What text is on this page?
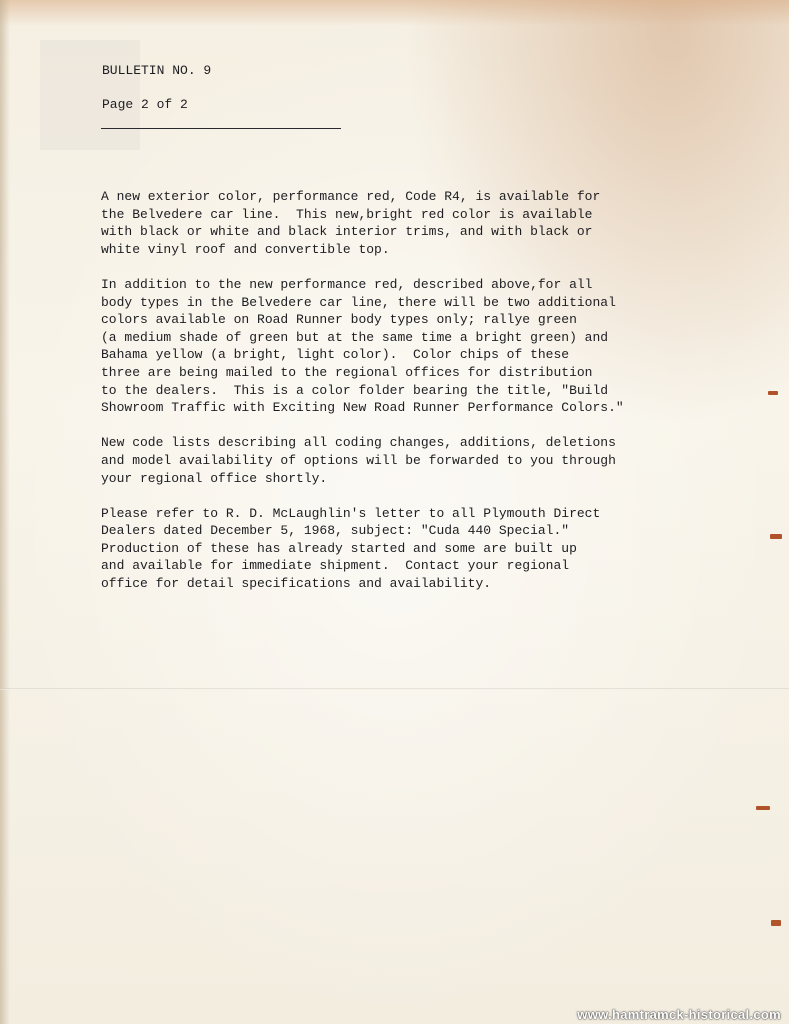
BULLETIN NO. 9
Page 2 of 2
A new exterior color, performance red, Code R4, is available for
the Belvedere car line.  This new,bright red color is available
with black or white and black interior trims, and with black or
white vinyl roof and convertible top.
In addition to the new performance red, described above,for all
body types in the Belvedere car line, there will be two additional
colors available on Road Runner body types only; rallye green
(a medium shade of green but at the same time a bright green) and
Bahama yellow (a bright, light color).  Color chips of these
three are being mailed to the regional offices for distribution
to the dealers.  This is a color folder bearing the title, "Build
Showroom Traffic with Exciting New Road Runner Performance Colors."
New code lists describing all coding changes, additions, deletions
and model availability of options will be forwarded to you through
your regional office shortly.
Please refer to R. D. McLaughlin's letter to all Plymouth Direct
Dealers dated December 5, 1968, subject: "Cuda 440 Special."
Production of these has already started and some are built up
and available for immediate shipment.  Contact your regional
office for detail specifications and availability.
www.hamtramck-historical.com
